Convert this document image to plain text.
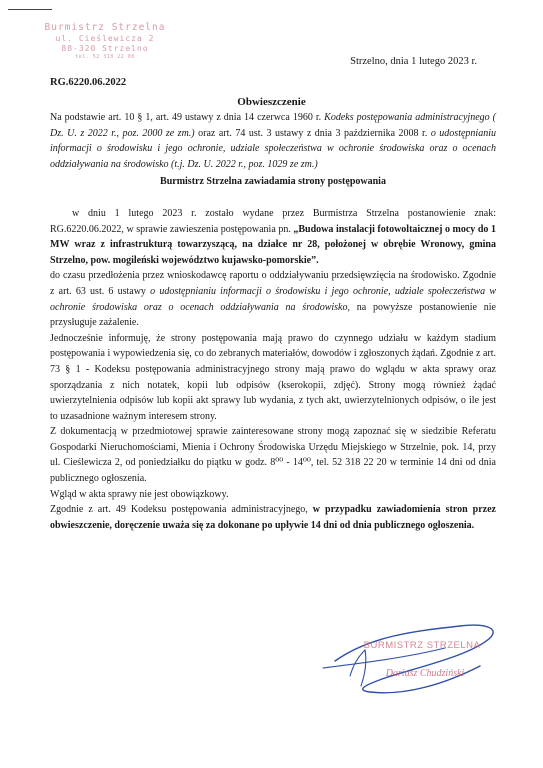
Burmistrz Strzelna
ul. Cieślewicza 2
88-320 Strzelno
tel. 52 318 22 00	Strzelno, dnia 1 lutego 2023 r.
RG.6220.06.2022
Obwieszczenie

Na podstawie art. 10 § 1, art. 49 ustawy z dnia 14 czerwca 1960 r. Kodeks postępowania administracyjnego ( Dz. U. z 2022 r., poz. 2000 ze zm.) oraz art. 74 ust. 3 ustawy z dnia 3 października 2008 r. o udostępnianiu informacji o środowisku i jego ochronie, udziale społeczeństwa w ochronie środowiska oraz o ocenach oddziaływania na środowisko (t.j. Dz. U. 2022 r., poz. 1029 ze zm.)

Burmistrz Strzelna zawiadamia strony postępowania

w dniu 1 lutego 2023 r. zostało wydane przez Burmistrza Strzelna postanowienie znak: RG.6220.06.2022, w sprawie zawieszenia postępowania pn. „Budowa instalacji fotowoltaicznej o mocy do 1 MW wraz z infrastrukturą towarzyszącą, na działce nr 28, położonej w obrębie Wronowy, gmina Strzelno, pow. mogileński województwo kujawsko-pomorskie”.

do czasu przedłożenia przez wnioskodawcę raportu o oddziaływaniu przedsięwzięcia na środowisko. Zgodnie z art. 63 ust. 6 ustawy o udostępnianiu informacji o środowisku i jego ochronie, udziale społeczeństwa w ochronie środowiska oraz o ocenach oddziaływania na środowisko, na powyższe postanowienie nie przysługuje zażalenie.

Jednocześnie informuję, że strony postępowania mają prawo do czynnego udziału w każdym stadium postępowania i wypowiedzenia się, co do zebranych materiałów, dowodów i zgłoszonych żądań. Zgodnie z art. 73 § 1 - Kodeksu postępowania administracyjnego strony mają prawo do wglądu w akta sprawy oraz sporządzania z nich notatek, kopii lub odpisów (kserokopii, zdjęć). Strony mogą również żądać uwierzytelnienia odpisów lub kopii akt sprawy lub wydania, z tych akt, uwierzytelnionych odpisów, o ile jest to uzasadnione ważnym interesem strony.

Z dokumentacją w przedmiotowej sprawie zainteresowane strony mogą zapoznać się w siedzibie Referatu Gospodarki Nieruchomościami, Mienia i Ochrony Środowiska Urzędu Miejskiego w Strzelnie, pok. 14, przy ul. Cieślewicza 2, od poniedziałku do piątku w godz. 8⁰⁰ - 14⁰⁰, tel. 52 318 22 20 w terminie 14 dni od dnia publicznego ogłoszenia.

Wgląd w akta sprawy nie jest obowiązkowy.

Zgodnie z art. 49 Kodeksu postępowania administracyjnego, w przypadku zawiadomienia stron przez obwieszczenie, doręczenie uważa się za dokonane po upływie 14 dni od dnia publicznego ogłoszenia.

BURMISTRZ STRZELNA
Dariusz Chudziński
